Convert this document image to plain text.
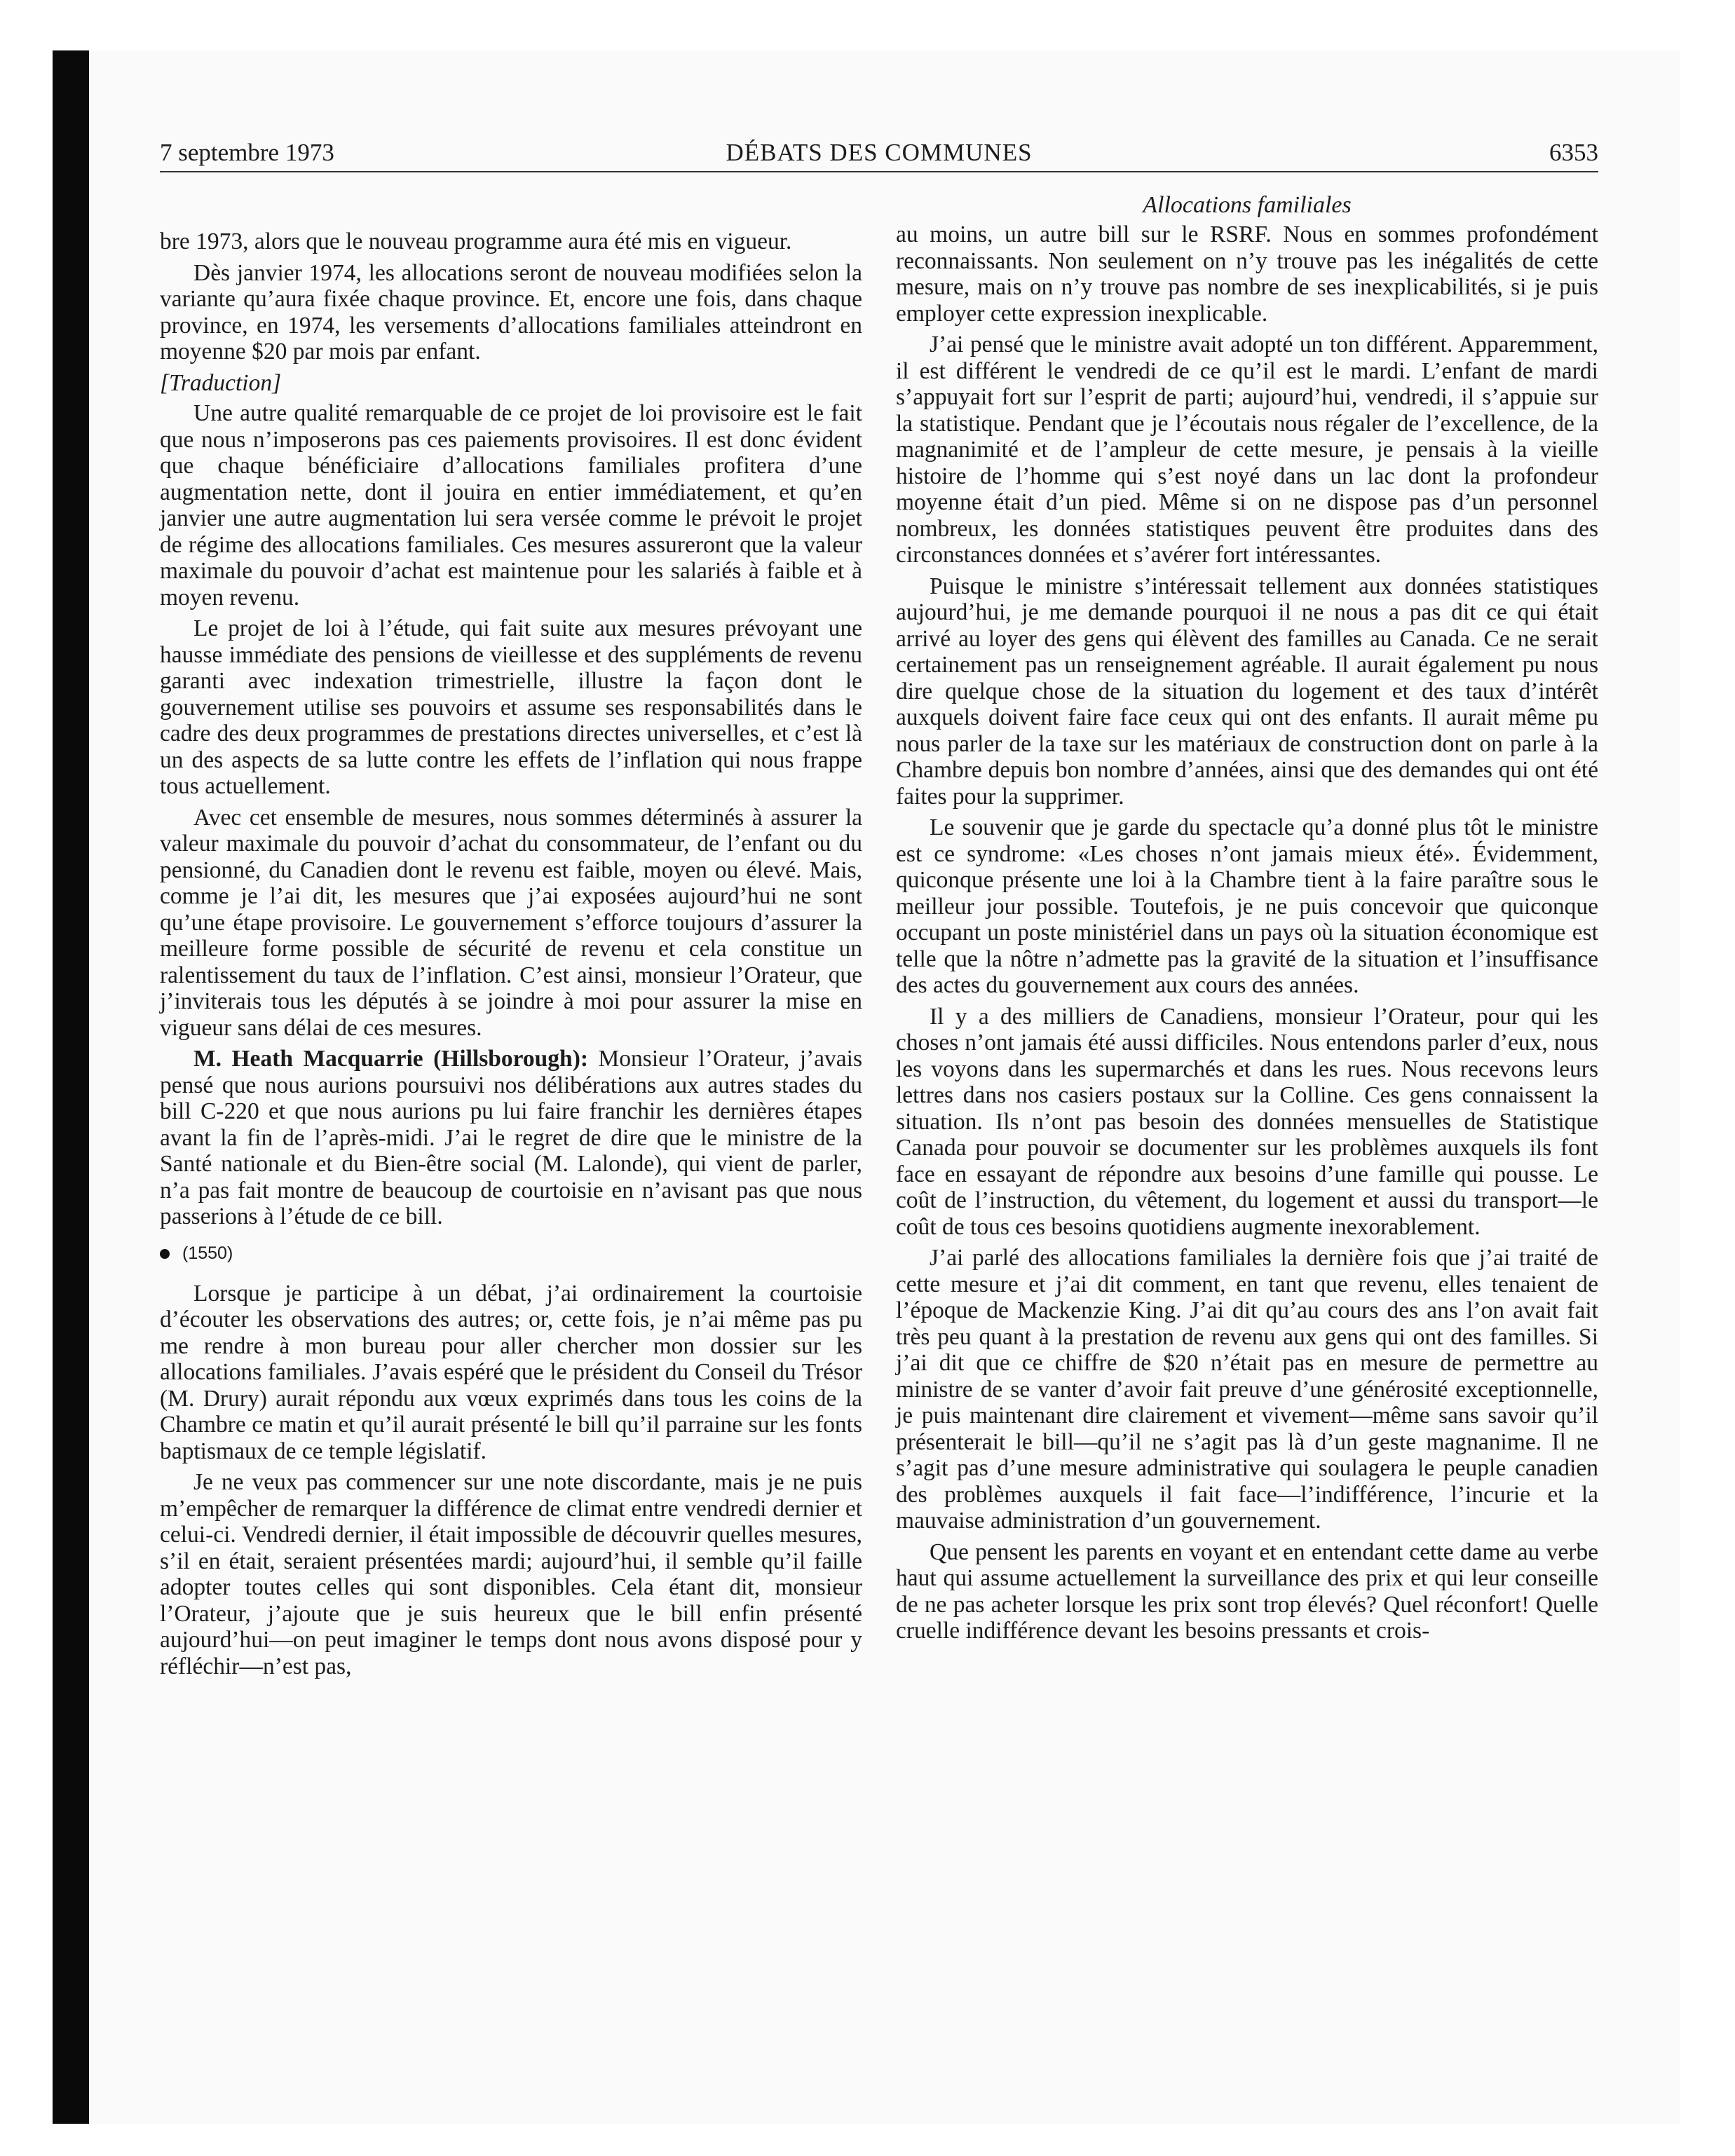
7 septembre 1973	DÉBATS DES COMMUNES	6353
Allocations familiales

bre 1973, alors que le nouveau programme aura été mis en vigueur.

Dès janvier 1974, les allocations seront de nouveau modifiées selon la variante qu’aura fixée chaque province. Et, encore une fois, dans chaque province, en 1974, les versements d’allocations familiales atteindront en moyenne $20 par mois par enfant.

[Traduction]

Une autre qualité remarquable de ce projet de loi provisoire est le fait que nous n’imposerons pas ces paiements provisoires. Il est donc évident que chaque bénéficiaire d’allocations familiales profitera d’une augmentation nette, dont il jouira en entier immédiatement, et qu’en janvier une autre augmentation lui sera versée comme le prévoit le projet de régime des allocations familiales. Ces mesures assureront que la valeur maximale du pouvoir d’achat est maintenue pour les salariés à faible et à moyen revenu.

Le projet de loi à l’étude, qui fait suite aux mesures prévoyant une hausse immédiate des pensions de vieillesse et des suppléments de revenu garanti avec indexation trimestrielle, illustre la façon dont le gouvernement utilise ses pouvoirs et assume ses responsabilités dans le cadre des deux programmes de prestations directes universelles, et c’est là un des aspects de sa lutte contre les effets de l’inflation qui nous frappe tous actuellement.

Avec cet ensemble de mesures, nous sommes déterminés à assurer la valeur maximale du pouvoir d’achat du consommateur, de l’enfant ou du pensionné, du Canadien dont le revenu est faible, moyen ou élevé. Mais, comme je l’ai dit, les mesures que j’ai exposées aujourd’hui ne sont qu’une étape provisoire. Le gouvernement s’efforce toujours d’assurer la meilleure forme possible de sécurité de revenu et cela constitue un ralentissement du taux de l’inflation. C’est ainsi, monsieur l’Orateur, que j’inviterais tous les députés à se joindre à moi pour assurer la mise en vigueur sans délai de ces mesures.

M. Heath Macquarrie (Hillsborough): Monsieur l’Orateur, j’avais pensé que nous aurions poursuivi nos délibérations aux autres stades du bill C-220 et que nous aurions pu lui faire franchir les dernières étapes avant la fin de l’après-midi. J’ai le regret de dire que le ministre de la Santé nationale et du Bien-être social (M. Lalonde), qui vient de parler, n’a pas fait montre de beaucoup de courtoisie en n’avisant pas que nous passerions à l’étude de ce bill.

(1550)

Lorsque je participe à un débat, j’ai ordinairement la courtoisie d’écouter les observations des autres; or, cette fois, je n’ai même pas pu me rendre à mon bureau pour aller chercher mon dossier sur les allocations familiales. J’avais espéré que le président du Conseil du Trésor (M. Drury) aurait répondu aux vœux exprimés dans tous les coins de la Chambre ce matin et qu’il aurait présenté le bill qu’il parraine sur les fonts baptismaux de ce temple législatif.

Je ne veux pas commencer sur une note discordante, mais je ne puis m’empêcher de remarquer la différence de climat entre vendredi dernier et celui-ci. Vendredi dernier, il était impossible de découvrir quelles mesures, s’il en était, seraient présentées mardi; aujourd’hui, il semble qu’il faille adopter toutes celles qui sont disponibles. Cela étant dit, monsieur l’Orateur, j’ajoute que je suis heureux que le bill enfin présenté aujourd’hui—on peut imaginer le temps dont nous avons disposé pour y réfléchir—n’est pas,

au moins, un autre bill sur le RSRF. Nous en sommes profondément reconnaissants. Non seulement on n’y trouve pas les inégalités de cette mesure, mais on n’y trouve pas nombre de ses inexplicabilités, si je puis employer cette expression inexplicable.

J’ai pensé que le ministre avait adopté un ton différent. Apparemment, il est différent le vendredi de ce qu’il est le mardi. L’enfant de mardi s’appuyait fort sur l’esprit de parti; aujourd’hui, vendredi, il s’appuie sur la statistique. Pendant que je l’écoutais nous régaler de l’excellence, de la magnanimité et de l’ampleur de cette mesure, je pensais à la vieille histoire de l’homme qui s’est noyé dans un lac dont la profondeur moyenne était d’un pied. Même si on ne dispose pas d’un personnel nombreux, les données statistiques peuvent être produites dans des circonstances données et s’avérer fort intéressantes.

Puisque le ministre s’intéressait tellement aux données statistiques aujourd’hui, je me demande pourquoi il ne nous a pas dit ce qui était arrivé au loyer des gens qui élèvent des familles au Canada. Ce ne serait certainement pas un renseignement agréable. Il aurait également pu nous dire quelque chose de la situation du logement et des taux d’intérêt auxquels doivent faire face ceux qui ont des enfants. Il aurait même pu nous parler de la taxe sur les matériaux de construction dont on parle à la Chambre depuis bon nombre d’années, ainsi que des demandes qui ont été faites pour la supprimer.

Le souvenir que je garde du spectacle qu’a donné plus tôt le ministre est ce syndrome: «Les choses n’ont jamais mieux été». Évidemment, quiconque présente une loi à la Chambre tient à la faire paraître sous le meilleur jour possible. Toutefois, je ne puis concevoir que quiconque occupant un poste ministériel dans un pays où la situation économique est telle que la nôtre n’admette pas la gravité de la situation et l’insuffisance des actes du gouvernement aux cours des années.

Il y a des milliers de Canadiens, monsieur l’Orateur, pour qui les choses n’ont jamais été aussi difficiles. Nous entendons parler d’eux, nous les voyons dans les supermarchés et dans les rues. Nous recevons leurs lettres dans nos casiers postaux sur la Colline. Ces gens connaissent la situation. Ils n’ont pas besoin des données mensuelles de Statistique Canada pour pouvoir se documenter sur les problèmes auxquels ils font face en essayant de répondre aux besoins d’une famille qui pousse. Le coût de l’instruction, du vêtement, du logement et aussi du transport—le coût de tous ces besoins quotidiens augmente inexorablement.

J’ai parlé des allocations familiales la dernière fois que j’ai traité de cette mesure et j’ai dit comment, en tant que revenu, elles tenaient de l’époque de Mackenzie King. J’ai dit qu’au cours des ans l’on avait fait très peu quant à la prestation de revenu aux gens qui ont des familles. Si j’ai dit que ce chiffre de $20 n’était pas en mesure de permettre au ministre de se vanter d’avoir fait preuve d’une générosité exceptionnelle, je puis maintenant dire clairement et vivement—même sans savoir qu’il présenterait le bill—qu’il ne s’agit pas là d’un geste magnanime. Il ne s’agit pas d’une mesure administrative qui soulagera le peuple canadien des problèmes auxquels il fait face—l’indifférence, l’incurie et la mauvaise administration d’un gouvernement.

Que pensent les parents en voyant et en entendant cette dame au verbe haut qui assume actuellement la surveillance des prix et qui leur conseille de ne pas acheter lorsque les prix sont trop élevés? Quel réconfort! Quelle cruelle indifférence devant les besoins pressants et crois-
